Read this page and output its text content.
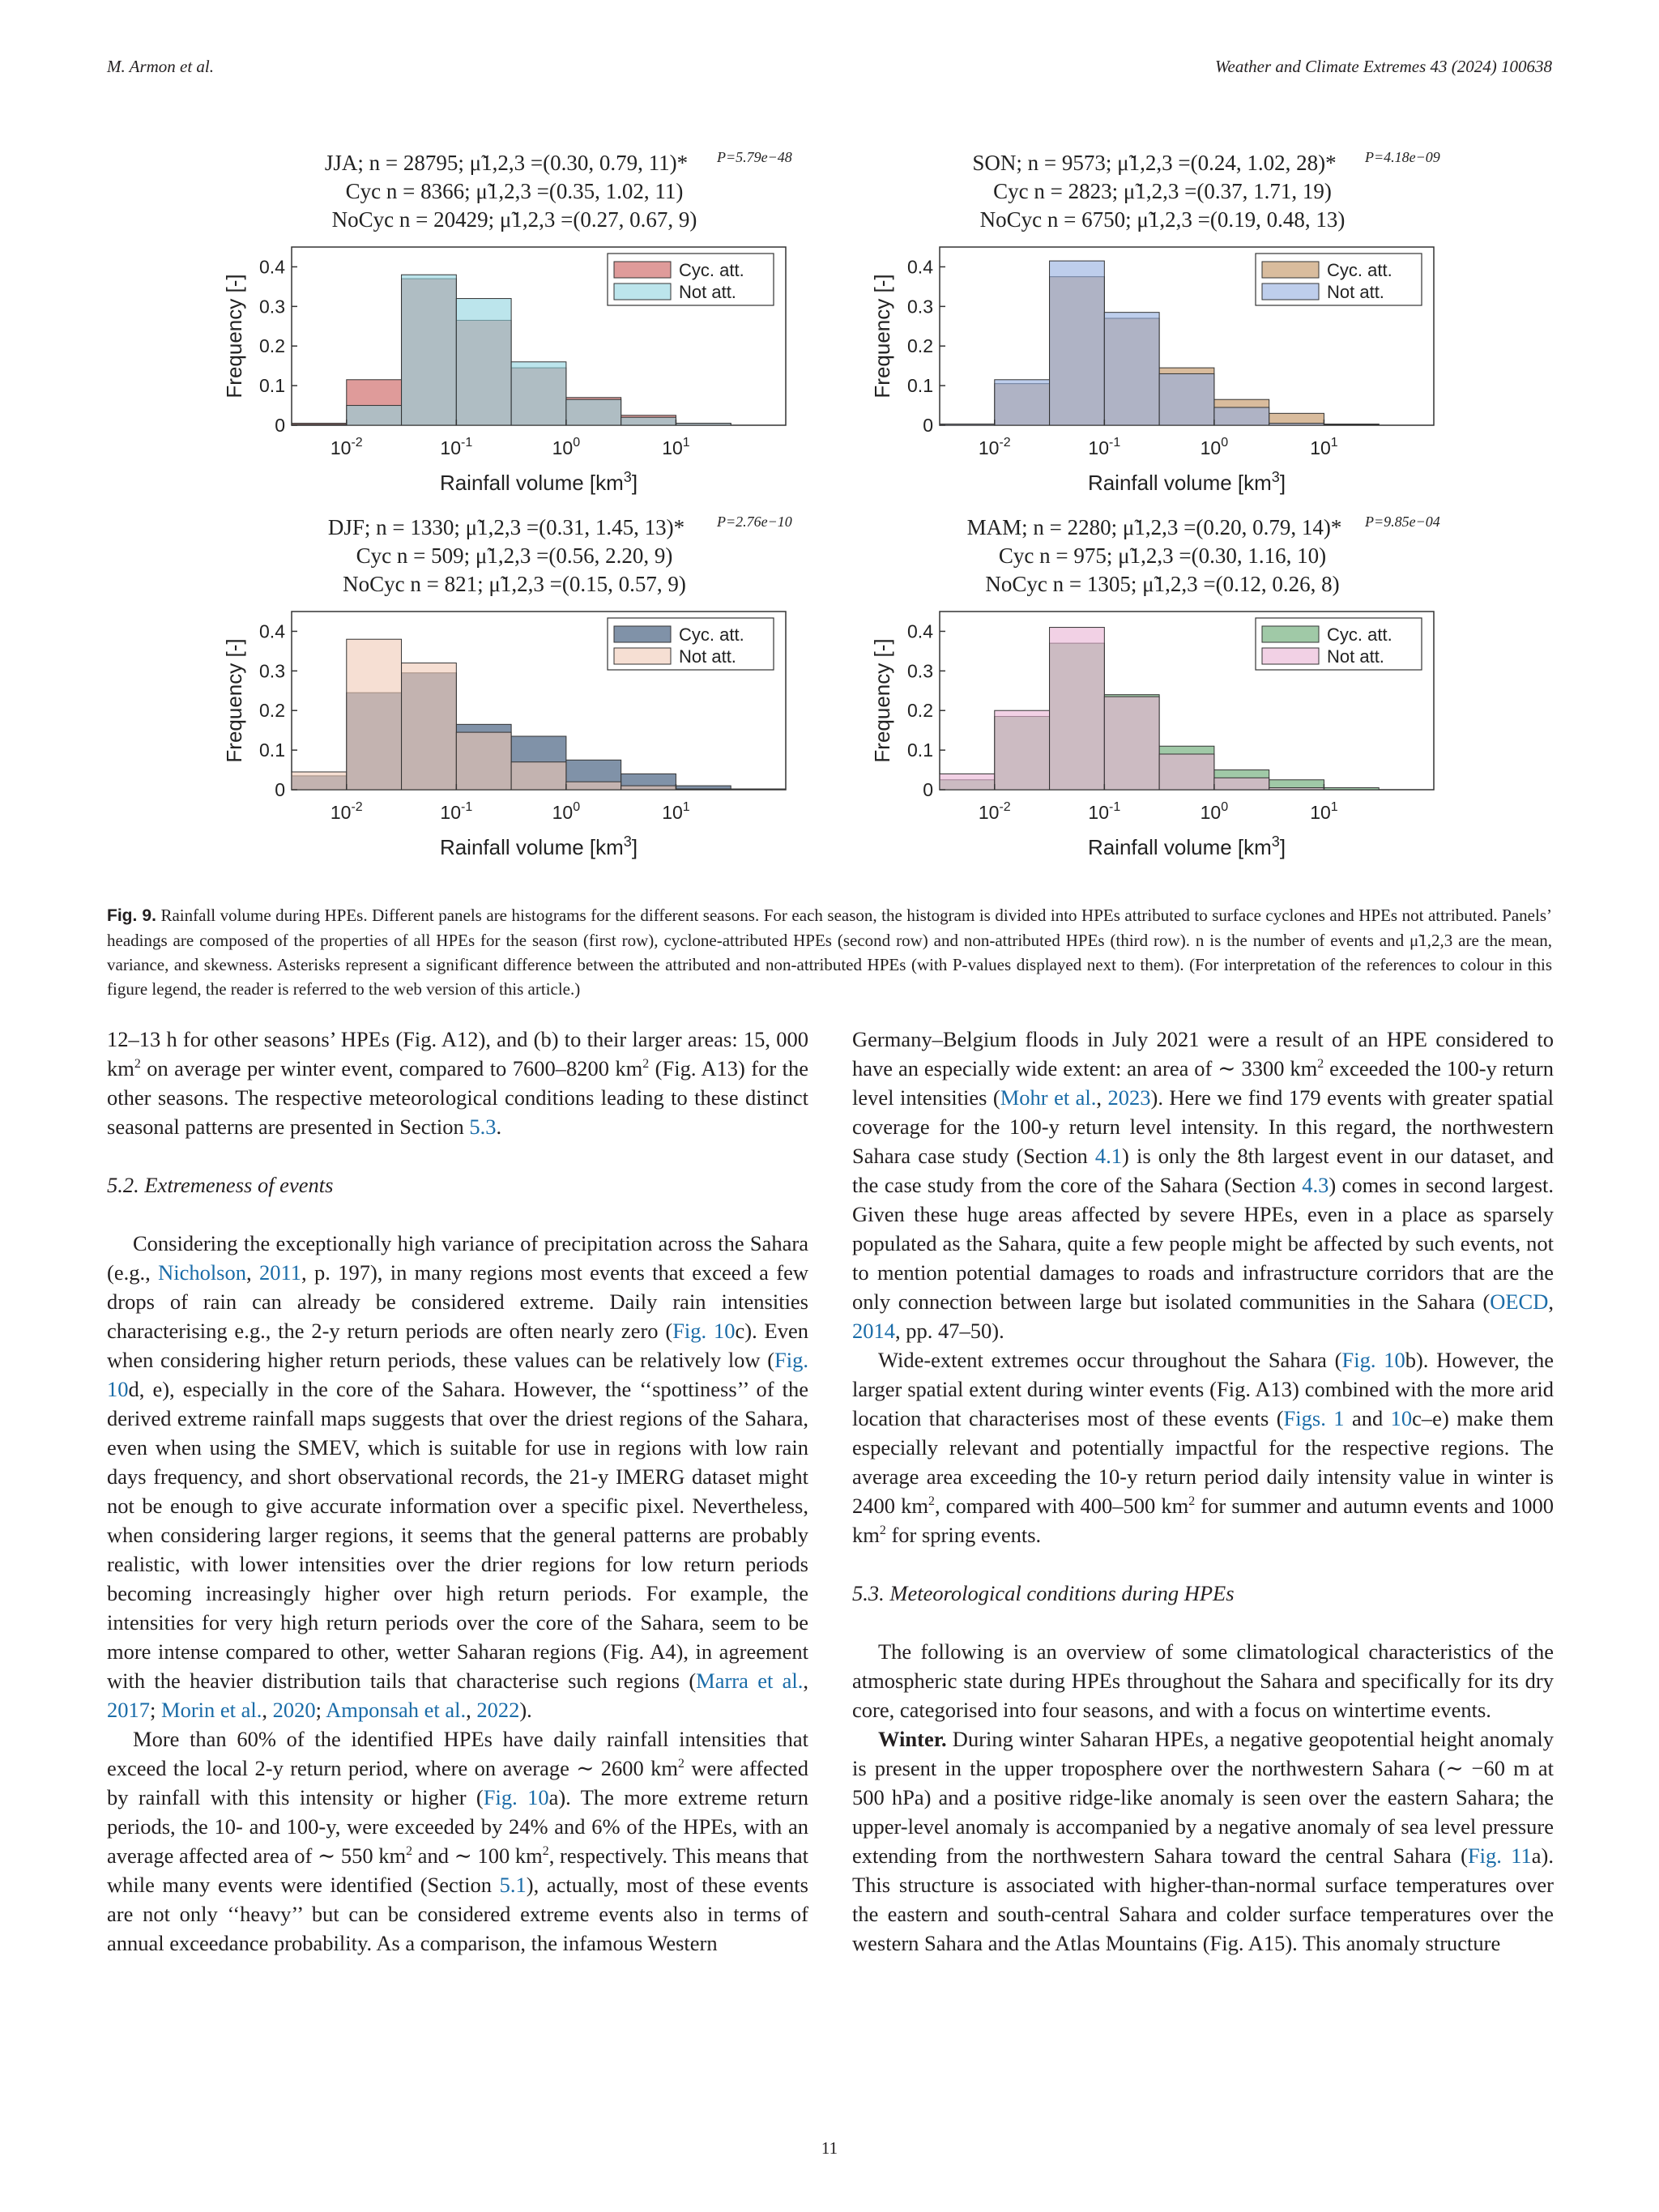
M. Armon et al.	Weather and Climate Extremes 43 (2024) 100638
JJA; n = 28795; μ̃1,2,3 =(0.30, 0.79, 11)* P=5.79e−48
Cyc n = 8366; μ̃1,2,3 =(0.35, 1.02, 11)
NoCyc n = 20429; μ̃1,2,3 =(0.27, 0.67, 9)
0
0.1
0.2
0.3
0.4
$10^{-2}$	$10^{-1}$	$10^0$	$10^1$
Rainfall volume $[km^3]$
Frequency [-]
Cyc. att.
Not att.
SON; n = 9573; μ̃1,2,3 =(0.24, 1.02, 28)* P=4.18e−09
Cyc n = 2823; μ̃1,2,3 =(0.37, 1.71, 19)
NoCyc n = 6750; μ̃1,2,3 =(0.19, 0.48, 13)
0
0.1
0.2
0.3
0.4
$10^{-2}$	$10^{-1}$	$10^0$	$10^1$
Rainfall volume $[km^3]$
Frequency [-]
Cyc. att.
Not att.
DJF; n = 1330; μ̃1,2,3 =(0.31, 1.45, 13)* P=2.76e−10
Cyc n = 509; μ̃1,2,3 =(0.56, 2.20, 9)
NoCyc n = 821; μ̃1,2,3 =(0.15, 0.57, 9)
0
0.1
0.2
0.3
0.4
$10^{-2}$	$10^{-1}$	$10^0$	$10^1$
Rainfall volume $[km^3]$
Frequency [-]
Cyc. att.
Not att.
MAM; n = 2280; μ̃1,2,3 =(0.20, 0.79, 14)* P=9.85e−04
Cyc n = 975; μ̃1,2,3 =(0.30, 1.16, 10)
NoCyc n = 1305; μ̃1,2,3 =(0.12, 0.26, 8)
0
0.1
0.2
0.3
0.4
$10^{-2}$	$10^{-1}$	$10^0$	$10^1$
Rainfall volume $[km^3]$
Frequency [-]
Cyc. att.
Not att.
Fig. 9. Rainfall volume during HPEs. Different panels are histograms for the different seasons. For each season, the histogram is divided into HPEs attributed to surface cyclones and HPEs not attributed. Panels’ headings are composed of the properties of all HPEs for the season (first row), cyclone-attributed HPEs (second row) and non-attributed HPEs (third row). n is the number of events and μ̃1,2,3 are the mean, variance, and skewness. Asterisks represent a significant difference between the attributed and non-attributed HPEs (with P-values displayed next to them). (For interpretation of the references to colour in this figure legend, the reader is referred to the web version of this article.)

12–13 h for other seasons’ HPEs (Fig. A12), and (b) to their larger areas: 15, 000 $km^2$ on average per winter event, compared to 7600–8200 $km^2$ (Fig. A13) for the other seasons. The respective meteorological conditions leading to these distinct seasonal patterns are presented in Section 5.3.

5.2. Extremeness of events

Considering the exceptionally high variance of precipitation across the Sahara (e.g., Nicholson, 2011, p. 197), in many regions most events that exceed a few drops of rain can already be considered extreme. Daily rain intensities characterising e.g., the 2-y return periods are often nearly zero (Fig. 10c). Even when considering higher return periods, these values can be relatively low (Fig. 10d, e), especially in the core of the Sahara. However, the ‘‘spottiness’’ of the derived extreme rainfall maps suggests that over the driest regions of the Sahara, even when using the SMEV, which is suitable for use in regions with low rain days frequency, and short observational records, the 21-y IMERG dataset might not be enough to give accurate information over a specific pixel. Nevertheless, when considering larger regions, it seems that the general patterns are probably realistic, with lower intensities over the drier regions for low return periods becoming increasingly higher over high return periods. For example, the intensities for very high return periods over the core of the Sahara, seem to be more intense compared to other, wetter Saharan regions (Fig. A4), in agreement with the heavier distribution tails that characterise such regions (Marra et al., 2017; Morin et al., 2020; Amponsah et al., 2022).

More than 60% of the identified HPEs have daily rainfall intensities that exceed the local 2-y return period, where on average ∼ 2600 $km^2$ were affected by rainfall with this intensity or higher (Fig. 10a). The more extreme return periods, the 10- and 100-y, were exceeded by 24% and 6% of the HPEs, with an average affected area of ∼ 550 $km^2$ and ∼ 100 $km^2$, respectively. This means that while many events were identified (Section 5.1), actually, most of these events are not only ‘‘heavy’’ but can be considered extreme events also in terms of annual exceedance probability. As a comparison, the infamous Western

Germany–Belgium floods in July 2021 were a result of an HPE considered to have an especially wide extent: an area of ∼ 3300 $km^2$ exceeded the 100-y return level intensities (Mohr et al., 2023). Here we find 179 events with greater spatial coverage for the 100-y return level intensity. In this regard, the northwestern Sahara case study (Section 4.1) is only the 8th largest event in our dataset, and the case study from the core of the Sahara (Section 4.3) comes in second largest. Given these huge areas affected by severe HPEs, even in a place as sparsely populated as the Sahara, quite a few people might be affected by such events, not to mention potential damages to roads and infrastructure corridors that are the only connection between large but isolated communities in the Sahara (OECD, 2014, pp. 47–50).

Wide-extent extremes occur throughout the Sahara (Fig. 10b). However, the larger spatial extent during winter events (Fig. A13) combined with the more arid location that characterises most of these events (Figs. 1 and 10c–e) make them especially relevant and potentially impactful for the respective regions. The average area exceeding the 10-y return period daily intensity value in winter is 2400 $km^2$, compared with 400–500 $km^2$ for summer and autumn events and 1000 $km^2$ for spring events.

5.3. Meteorological conditions during HPEs

The following is an overview of some climatological characteristics of the atmospheric state during HPEs throughout the Sahara and specifically for its dry core, categorised into four seasons, and with a focus on wintertime events.

Winter. During winter Saharan HPEs, a negative geopotential height anomaly is present in the upper troposphere over the northwestern Sahara (∼ −60 m at 500 hPa) and a positive ridge-like anomaly is seen over the eastern Sahara; the upper-level anomaly is accompanied by a negative anomaly of sea level pressure extending from the northwestern Sahara toward the central Sahara (Fig. 11a). This structure is associated with higher-than-normal surface temperatures over the eastern and south-central Sahara and colder surface temperatures over the western Sahara and the Atlas Mountains (Fig. A15). This anomaly structure

11
